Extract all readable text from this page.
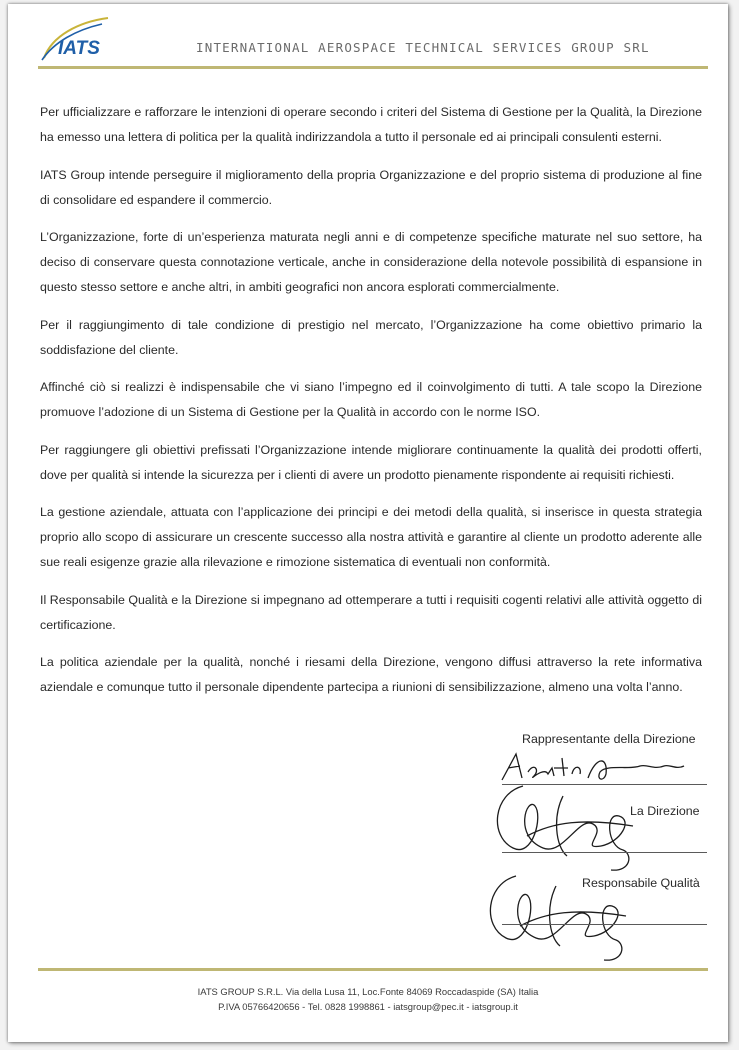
IATS	INTERNATIONAL AEROSPACE TECHNICAL SERVICES GROUP SRL

Per ufficializzare e rafforzare le intenzioni di operare secondo i criteri del Sistema di Gestione per la Qualità, la Direzione ha emesso una lettera di politica per la qualità indirizzandola a tutto il personale ed ai principali consulenti esterni.

IATS Group intende perseguire il miglioramento della propria Organizzazione e del proprio sistema di produzione al fine di consolidare ed espandere il commercio.

L’Organizzazione, forte di un’esperienza maturata negli anni e di competenze specifiche maturate nel suo settore, ha deciso di conservare questa connotazione verticale, anche in considerazione della notevole possibilità di espansione in questo stesso settore e anche altri, in ambiti geografici non ancora esplorati commercialmente.

Per il raggiungimento di tale condizione di prestigio nel mercato, l’Organizzazione ha come obiettivo primario la soddisfazione del cliente.

Affinché ciò si realizzi è indispensabile che vi siano l’impegno ed il coinvolgimento di tutti. A tale scopo la Direzione promuove l’adozione di un Sistema di Gestione per la Qualità in accordo con le norme ISO.

Per raggiungere gli obiettivi prefissati l’Organizzazione intende migliorare continuamente la qualità dei prodotti offerti, dove per qualità si intende la sicurezza per i clienti di avere un prodotto pienamente rispondente ai requisiti richiesti.

La gestione aziendale, attuata con l’applicazione dei principi e dei metodi della qualità, si inserisce in questa strategia proprio allo scopo di assicurare un crescente successo alla nostra attività e garantire al cliente un prodotto aderente alle sue reali esigenze grazie alla rilevazione e rimozione sistematica di eventuali non conformità.

Il Responsabile Qualità e la Direzione si impegnano ad ottemperare a tutti i requisiti cogenti relativi alle attività oggetto di certificazione.

La politica aziendale per la qualità, nonché i riesami della Direzione, vengono diffusi attraverso la rete informativa aziendale e comunque tutto il personale dipendente partecipa a riunioni di sensibilizzazione, almeno una volta l’anno.

Rappresentante della Direzione
La Direzione
Responsabile Qualità
IATS GROUP S.R.L. Via della Lusa 11, Loc.Fonte 84069 Roccadaspide (SA) Italia
P.IVA 05766420656 - Tel. 0828 1998861 - iatsgroup@pec.it - iatsgroup.it
